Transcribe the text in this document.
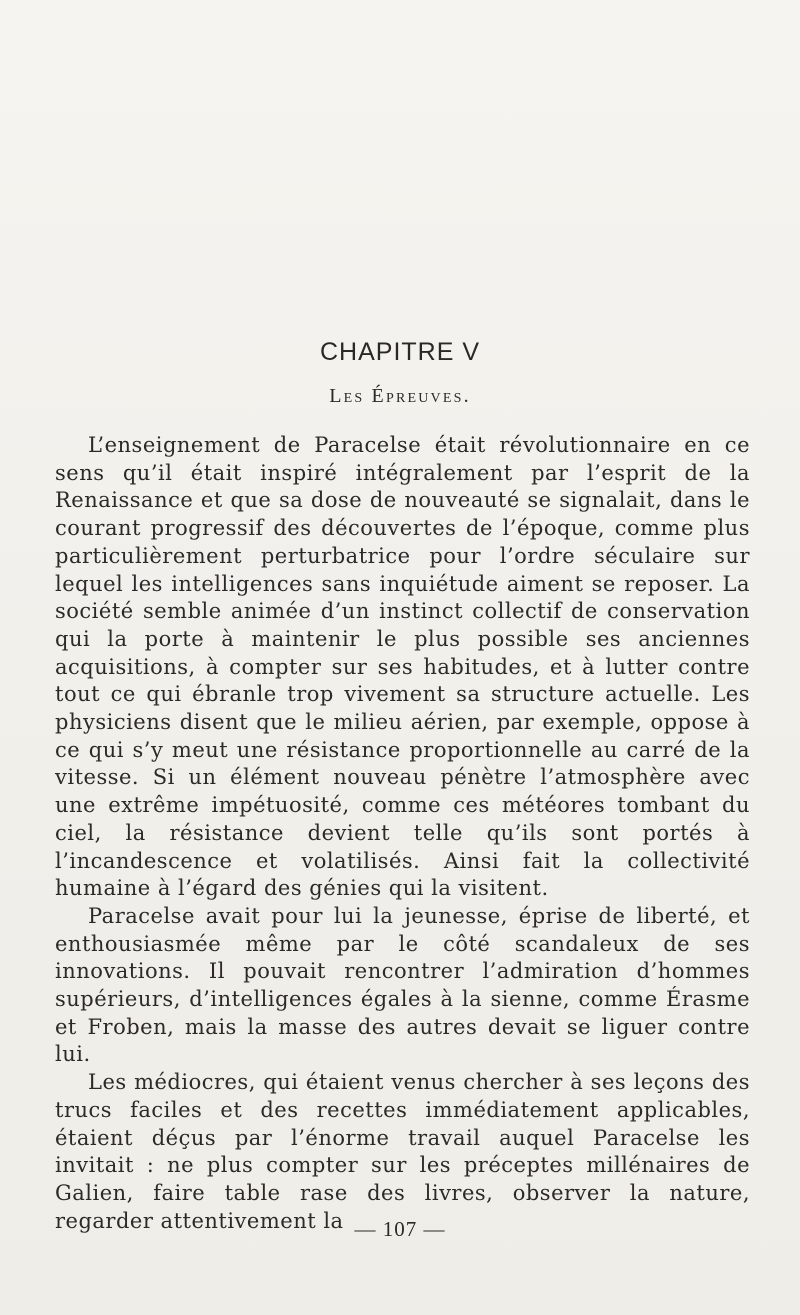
CHAPITRE V
Les Épreuves.

L’enseignement de Paracelse était révolutionnaire en ce sens qu’il était inspiré intégralement par l’esprit de la Renaissance et que sa dose de nouveauté se signalait, dans le courant progressif des découvertes de l’époque, comme plus particulièrement perturbatrice pour l’ordre séculaire sur lequel les intelligences sans inquiétude aiment se reposer. La société semble animée d’un instinct collectif de conservation qui la porte à maintenir le plus possible ses anciennes acquisitions, à compter sur ses habitudes, et à lutter contre tout ce qui ébranle trop vivement sa structure actuelle. Les physiciens disent que le milieu aérien, par exemple, oppose à ce qui s’y meut une résistance proportionnelle au carré de la vitesse. Si un élément nouveau pénètre l’atmosphère avec une extrême impétuosité, comme ces météores tombant du ciel, la résistance devient telle qu’ils sont portés à l’incandescence et volatilisés. Ainsi fait la collectivité humaine à l’égard des génies qui la visitent.

Paracelse avait pour lui la jeunesse, éprise de liberté, et enthousiasmée même par le côté scandaleux de ses innovations. Il pouvait rencontrer l’admiration d’hommes supérieurs, d’intelligences égales à la sienne, comme Érasme et Froben, mais la masse des autres devait se liguer contre lui.

Les médiocres, qui étaient venus chercher à ses leçons des trucs faciles et des recettes immédiatement applicables, étaient déçus par l’énorme travail auquel Paracelse les invitait : ne plus compter sur les préceptes millénaires de Galien, faire table rase des livres, observer la nature, regarder attentivement la — 107 —
